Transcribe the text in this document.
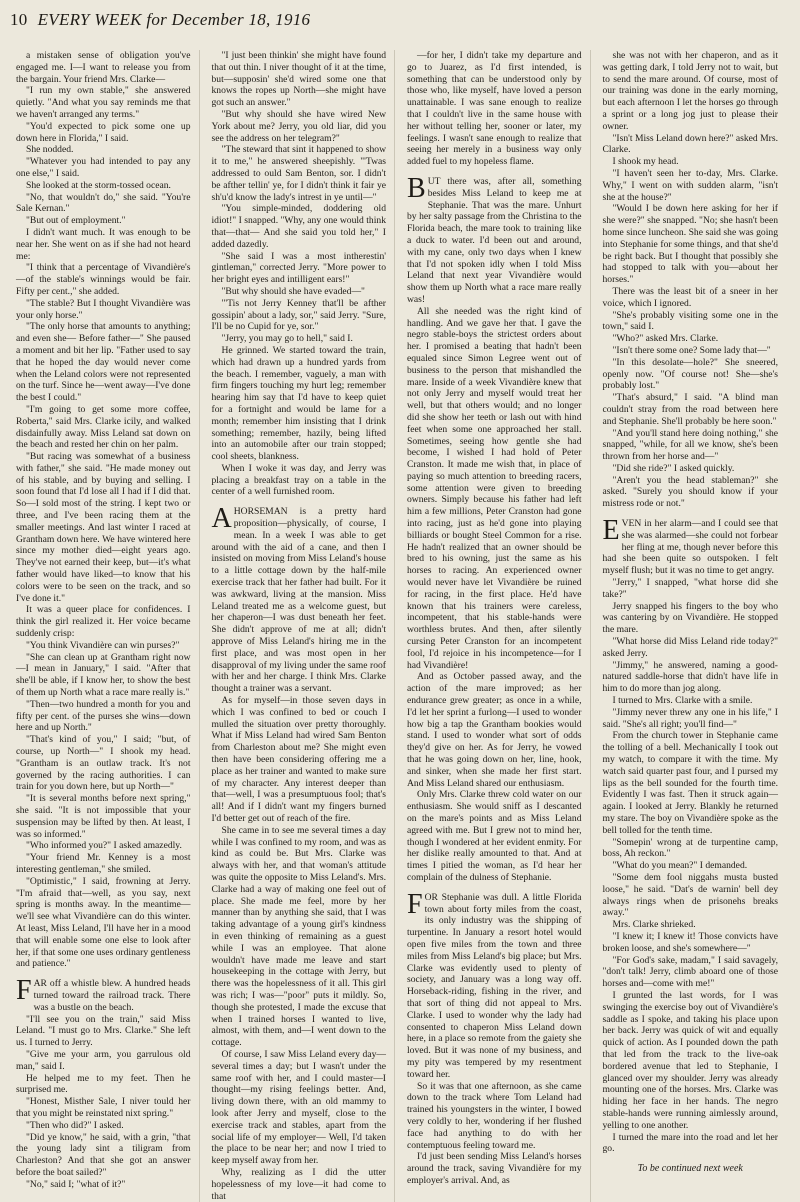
10 EVERY WEEK for December 18, 1916

a mistaken sense of obligation you've engaged me. I—I want to release you from the bargain. Your friend Mrs. Clarke—

"I run my own stable," she answered quietly. "And what you say reminds me that we haven't arranged any terms."

"You'd expected to pick some one up down here in Florida," I said.

She nodded.

"Whatever you had intended to pay any one else," I said.

She looked at the storm-tossed ocean.

"No, that wouldn't do," she said. "You're Sale Kernan."

"But out of employment."

I didn't want much. It was enough to be near her. She went on as if she had not heard me:

"I think that a percentage of Vivandière's—of the stable's winnings would be fair. Fifty per cent.," she added.

"The stable? But I thought Vivandière was your only horse."

"The only horse that amounts to anything; and even she— Before father—" She paused a moment and bit her lip. "Father used to say that he hoped the day would never come when the Leland colors were not represented on the turf. Since he—went away—I've done the best I could."

"I'm going to get some more coffee, Roberta," said Mrs. Clarke icily, and walked disdainfully away. Miss Leland sat down on the beach and rested her chin on her palm.

"But racing was somewhat of a business with father," she said. "He made money out of his stable, and by buying and selling. I soon found that I'd lose all I had if I did that. So—I sold most of the string. I kept two or three, and I've been racing them at the smaller meetings. And last winter I raced at Grantham down here. We have wintered here since my mother died—eight years ago. They've not earned their keep, but—it's what father would have liked—to know that his colors were to be seen on the track, and so I've done it."

It was a queer place for confidences. I think the girl realized it. Her voice became suddenly crisp:

"You think Vivandière can win purses?"

"She can clean up at Grantham right now—I mean in January," I said. "After that she'll be able, if I know her, to show the best of them up North what a race mare really is."

"Then—two hundred a month for you and fifty per cent. of the purses she wins—down here and up North."

"That's kind of you," I said; "but, of course, up North—" I shook my head. "Grantham is an outlaw track. It's not governed by the racing authorities. I can train for you down here, but up North—"

"It is several months before next spring," she said. "It is not impossible that your suspension may be lifted by then. At least, I was so informed."

"Who informed you?" I asked amazedly.

"Your friend Mr. Kenney is a most interesting gentleman," she smiled.

"Optimistic," I said, frowning at Jerry. "I'm afraid that—well, as you say, next spring is months away. In the meantime—we'll see what Vivandière can do this winter. At least, Miss Leland, I'll have her in a mood that will enable some one else to look after her, if that some one uses ordinary gentleness and patience."

FAR off a whistle blew. A hundred heads turned toward the railroad track. There was a bustle on the beach.

"I'll see you on the train," said Miss Leland. "I must go to Mrs. Clarke." She left us. I turned to Jerry.

"Give me your arm, you garrulous old man," said I.

He helped me to my feet. Then he surprised me.

"Honest, Misther Sale, I niver tould her that you might be reinstated nixt spring."

"Then who did?" I asked.

"Did ye know," he said, with a grin, "that the young lady sint a tiligram from Charleston? And that she got an answer before the boat sailed?"

"No," said I; "what of it?"

"I just been thinkin' she might have found that out thin. I niver thought of it at the time, but—supposin' she'd wired some one that knows the ropes up North—she might have got such an answer."

"But why should she have wired New York about me? Jerry, you old liar, did you see the address on her telegram?"

"The steward that sint it happened to show it to me," he answered sheepishly. "'Twas addressed to ould Sam Benton, sor. I didn't be afther tellin' ye, for I didn't think it fair ye sh'u'd know the lady's intrest in ye until—"

"You simple-minded, doddering old idiot!" I snapped. "Why, any one would think that—that— And she said you told her," I added dazedly.

"She said I was a most intherestin' gintleman," corrected Jerry. "More power to her bright eyes and intilligent ears!"

"But why should she have evaded—"

"'Tis not Jerry Kenney that'll be afther gossipin' about a lady, sor," said Jerry. "Sure, I'll be no Cupid for ye, sor."

"Jerry, you may go to hell," said I.

He grinned. We started toward the train, which had drawn up a hundred yards from the beach. I remember, vaguely, a man with firm fingers touching my hurt leg; remember hearing him say that I'd have to keep quiet for a fortnight and would be lame for a month; remember him insisting that I drink something; remember, hazily, being lifted into an automobile after our train stopped; cool sheets, blankness.

When I woke it was day, and Jerry was placing a breakfast tray on a table in the center of a well furnished room.

AHORSEMAN is a pretty hard proposition—physically, of course, I mean. In a week I was able to get around with the aid of a cane, and then I insisted on moving from Miss Leland's house to a little cottage down by the half-mile exercise track that her father had built. For it was awkward, living at the mansion. Miss Leland treated me as a welcome guest, but her chaperon—I was dust beneath her feet. She didn't approve of me at all; didn't approve of Miss Leland's hiring me in the first place, and was most open in her disapproval of my living under the same roof with her and her charge. I think Mrs. Clarke thought a trainer was a servant.

As for myself—in those seven days in which I was confined to bed or couch I mulled the situation over pretty thoroughly. What if Miss Leland had wired Sam Benton from Charleston about me? She might even then have been considering offering me a place as her trainer and wanted to make sure of my character. Any interest deeper than that—well, I was a presumptuous fool; that's all! And if I didn't want my fingers burned I'd better get out of reach of the fire.

She came in to see me several times a day while I was confined to my room, and was as kind as could be. But Mrs. Clarke was always with her, and that woman's attitude was quite the opposite to Miss Leland's. Mrs. Clarke had a way of making one feel out of place. She made me feel, more by her manner than by anything she said, that I was taking advantage of a young girl's kindness in even thinking of remaining as a guest while I was an employee. That alone wouldn't have made me leave and start housekeeping in the cottage with Jerry, but there was the hopelessness of it all. This girl was rich; I was—"poor" puts it mildly. So, though she protested, I made the excuse that when I trained horses I wanted to live, almost, with them, and—I went down to the cottage.

Of course, I saw Miss Leland every day—several times a day; but I wasn't under the same roof with her, and I could master—I thought—my rising feelings better. And, living down there, with an old mammy to look after Jerry and myself, close to the exercise track and stables, apart from the social life of my employer— Well, I'd taken the place to be near her; and now I tried to keep myself away from her.

Why, realizing as I did the utter hopelessness of my love—it had come to that

—for her, I didn't take my departure and go to Juarez, as I'd first intended, is something that can be understood only by those who, like myself, have loved a person unattainable. I was sane enough to realize that I couldn't live in the same house with her without telling her, sooner or later, my feelings. I wasn't sane enough to realize that seeing her merely in a business way only added fuel to my hopeless flame.

BUT there was, after all, something besides Miss Leland to keep me at Stephanie. That was the mare. Unhurt by her salty passage from the Christina to the Florida beach, the mare took to training like a duck to water. I'd been out and around, with my cane, only two days when I knew that I'd not spoken idly when I told Miss Leland that next year Vivandière would show them up North what a race mare really was!

All she needed was the right kind of handling. And we gave her that. I gave the negro stable-boys the strictest orders about her. I promised a beating that hadn't been equaled since Simon Legree went out of business to the person that mishandled the mare. Inside of a week Vivandière knew that not only Jerry and myself would treat her well, but that others would; and no longer did she show her teeth or lash out with hind feet when some one approached her stall. Sometimes, seeing how gentle she had become, I wished I had hold of Peter Cranston. It made me wish that, in place of paying so much attention to breeding racers, some attention were given to breeding owners. Simply because his father had left him a few millions, Peter Cranston had gone into racing, just as he'd gone into playing billiards or bought Steel Common for a rise. He hadn't realized that an owner should be bred to his owning, just the same as his horses to racing. An experienced owner would never have let Vivandière be ruined for racing, in the first place. He'd have known that his trainers were careless, incompetent, that his stable-hands were worthless brutes. And then, after silently cursing Peter Cranston for an incompetent fool, I'd rejoice in his incompetence—for I had Vivandière!

And as October passed away, and the action of the mare improved; as her endurance grew greater; as once in a while, I'd let her sprint a furlong—I used to wonder how big a tap the Grantham bookies would stand. I used to wonder what sort of odds they'd give on her. As for Jerry, he vowed that he was going down on her, line, hook, and sinker, when she made her first start. And Miss Leland shared our enthusiasm.

Only Mrs. Clarke threw cold water on our enthusiasm. She would sniff as I descanted on the mare's points and as Miss Leland agreed with me. But I grew not to mind her, though I wondered at her evident enmity. For her dislike really amounted to that. And at times I pitied the woman, as I'd hear her complain of the dulness of Stephanie.

FOR Stephanie was dull. A little Florida town about forty miles from the coast, its only industry was the shipping of turpentine. In January a resort hotel would open five miles from the town and three miles from Miss Leland's big place; but Mrs. Clarke was evidently used to plenty of society, and January was a long way off. Horseback-riding, fishing in the river, and that sort of thing did not appeal to Mrs. Clarke. I used to wonder why the lady had consented to chaperon Miss Leland down here, in a place so remote from the gaiety she loved. But it was none of my business, and my pity was tempered by my resentment toward her.

So it was that one afternoon, as she came down to the track where Tom Leland had trained his youngsters in the winter, I bowed very coldly to her, wondering if her flushed face had anything to do with her contemptuous feeling toward me.

I'd just been sending Miss Leland's horses around the track, saving Vivandière for my employer's arrival. And, as

she was not with her chaperon, and as it was getting dark, I told Jerry not to wait, but to send the mare around. Of course, most of our training was done in the early morning, but each afternoon I let the horses go through a sprint or a long jog just to please their owner.

"Isn't Miss Leland down here?" asked Mrs. Clarke.

I shook my head.

"I haven't seen her to-day, Mrs. Clarke. Why," I went on with sudden alarm, "isn't she at the house?"

"Would I be down here asking for her if she were?" she snapped. "No; she hasn't been home since luncheon. She said she was going into Stephanie for some things, and that she'd be right back. But I thought that possibly she had stopped to talk with you—about her horses."

There was the least bit of a sneer in her voice, which I ignored.

"She's probably visiting some one in the town," said I.

"Who?" asked Mrs. Clarke.

"Isn't there some one? Some lady that—"

"In this desolate—hole?" She sneered, openly now. "Of course not! She—she's probably lost."

"That's absurd," I said. "A blind man couldn't stray from the road between here and Stephanie. She'll probably be here soon."

"And you'll stand here doing nothing," she snapped, "while, for all we know, she's been thrown from her horse and—"

"Did she ride?" I asked quickly.

"Aren't you the head stableman?" she asked. "Surely you should know if your mistress rode or not."

EVEN in her alarm—and I could see that she was alarmed—she could not forbear her fling at me, though never before this had she been quite so outspoken. I felt myself flush; but it was no time to get angry.

"Jerry," I snapped, "what horse did she take?"

Jerry snapped his fingers to the boy who was cantering by on Vivandière. He stopped the mare.

"What horse did Miss Leland ride today?" asked Jerry.

"Jimmy," he answered, naming a good-natured saddle-horse that didn't have life in him to do more than jog along.

I turned to Mrs. Clarke with a smile.

"Jimmy never threw any one in his life," I said. "She's all right; you'll find—"

From the church tower in Stephanie came the tolling of a bell. Mechanically I took out my watch, to compare it with the time. My watch said quarter past four, and I pursed my lips as the bell sounded for the fourth time. Evidently I was fast. Then it struck again—again. I looked at Jerry. Blankly he returned my stare. The boy on Vivandière spoke as the bell tolled for the tenth time.

"Somepin' wrong at de turpentine camp, boss, Ah reckon."

"What do you mean?" I demanded.

"Some dem fool niggahs musta busted loose," he said. "Dat's de warnin' bell dey always rings when de prisonehs breaks away."

Mrs. Clarke shrieked.

"I knew it; I knew it! Those convicts have broken loose, and she's somewhere—"

"For God's sake, madam," I said savagely, "don't talk! Jerry, climb aboard one of those horses and—come with me!"

I grunted the last words, for I was swinging the exercise boy out of Vivandière's saddle as I spoke, and taking his place upon her back. Jerry was quick of wit and equally quick of action. As I pounded down the path that led from the track to the live-oak bordered avenue that led to Stephanie, I glanced over my shoulder. Jerry was already mounting one of the horses. Mrs. Clarke was hiding her face in her hands. The negro stable-hands were running aimlessly around, yelling to one another.

I turned the mare into the road and let her go.

To be continued next week
